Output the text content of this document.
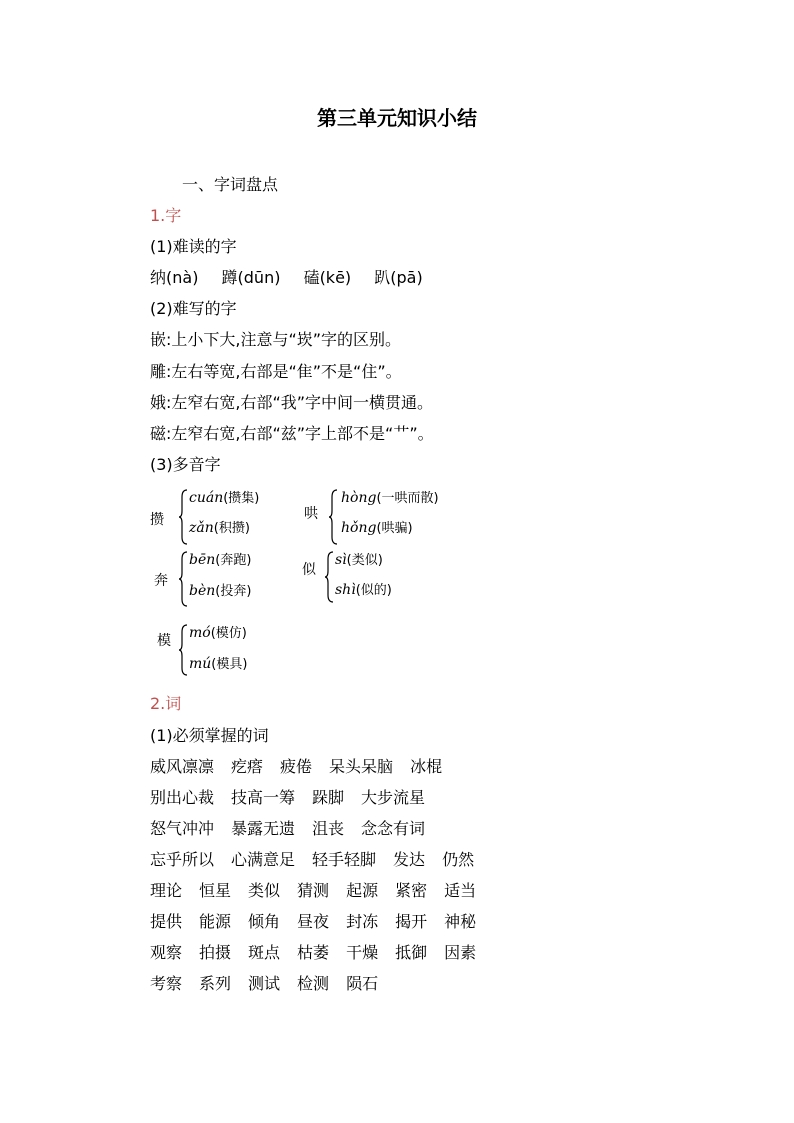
第三单元知识小结
一、字词盘点
1.字
(1)难读的字
纳(nà) 蹲(dūn) 磕(kē) 趴(pā)
(2)难写的字
嵌:上小下大,注意与“崁”字的区别。
雕:左右等宽,右部是“隹”不是“住”。
娥:左窄右宽,右部“我”字中间一横贯通。
磁:左窄右宽,右部“兹”字上部不是“艹”。
(3)多音字
攒
cuán(攒集)
zǎn(积攒)
哄
hòng(一哄而散)
hǒng(哄骗)
奔
bēn(奔跑)
bèn(投奔)
似
sì(类似)
shì(似的)
模 mó(模仿)
mú(模具)
2.词
(1)必须掌握的词
威风凛凛 疙瘩 疲倦 呆头呆脑 冰棍
别出心裁 技高一筹 跺脚 大步流星
怒气冲冲 暴露无遗 沮丧 念念有词
忘乎所以 心满意足 轻手轻脚 发达 仍然
理论 恒星 类似 猜测 起源 紧密 适当
提供 能源 倾角 昼夜 封冻 揭开 神秘
观察 拍摄 斑点 枯萎 干燥 抵御 因素
考察 系列 测试 检测 陨石
